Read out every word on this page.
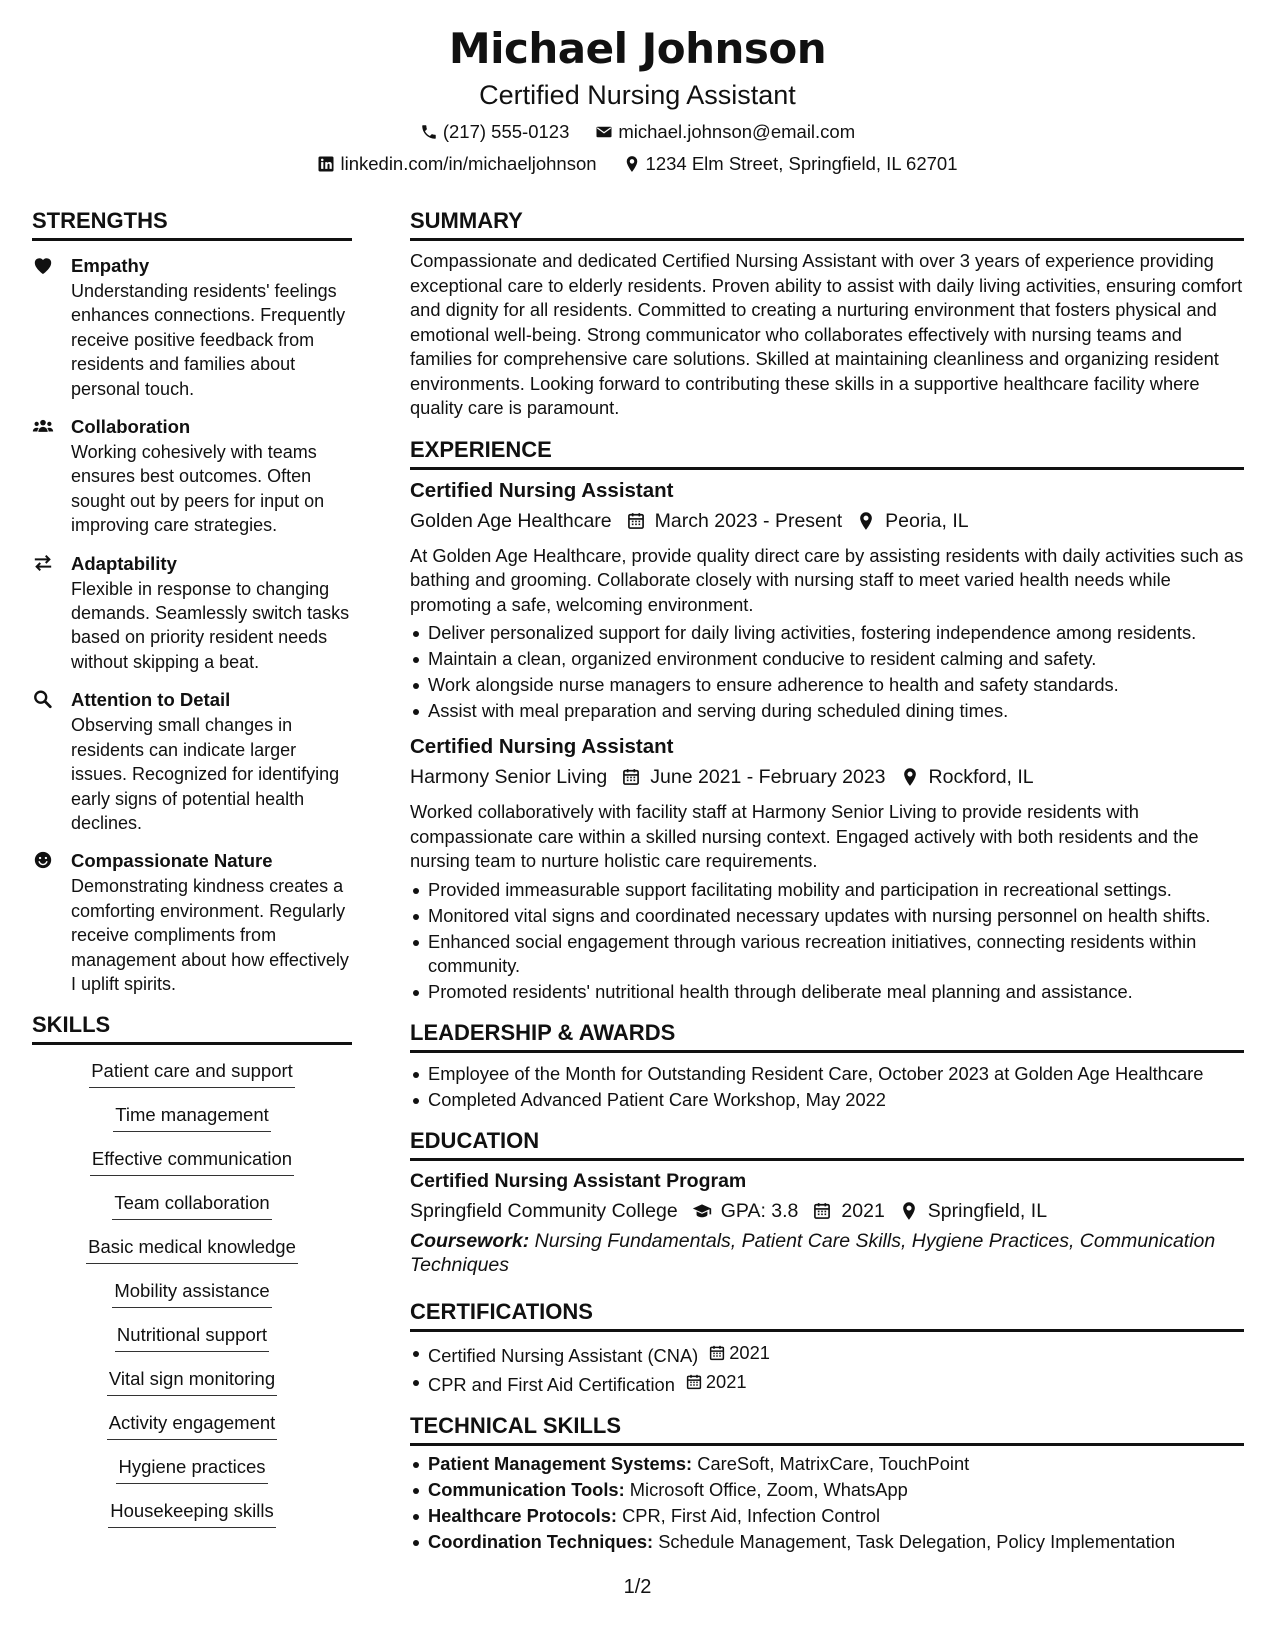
Michael Johnson
Certified Nursing Assistant
(217) 555-0123	michael.johnson@email.com
linkedin.com/in/michaeljohnson	1234 Elm Street, Springfield, IL 62701
STRENGTHS
Empathy
Understanding residents' feelings enhances connections. Frequently receive positive feedback from residents and families about personal touch.
Collaboration
Working cohesively with teams ensures best outcomes. Often sought out by peers for input on improving care strategies.
Adaptability
Flexible in response to changing demands. Seamlessly switch tasks based on priority resident needs without skipping a beat.
Attention to Detail
Observing small changes in residents can indicate larger issues. Recognized for identifying early signs of potential health declines.
Compassionate Nature
Demonstrating kindness creates a comforting environment. Regularly receive compliments from management about how effectively I uplift spirits.
SKILLS
Patient care and support
Time management
Effective communication
Team collaboration
Basic medical knowledge
Mobility assistance
Nutritional support
Vital sign monitoring
Activity engagement
Hygiene practices
Housekeeping skills
SUMMARY
Compassionate and dedicated Certified Nursing Assistant with over 3 years of experience providing exceptional care to elderly residents. Proven ability to assist with daily living activities, ensuring comfort and dignity for all residents. Committed to creating a nurturing environment that fosters physical and emotional well-being. Strong communicator who collaborates effectively with nursing teams and families for comprehensive care solutions. Skilled at maintaining cleanliness and organizing resident environments. Looking forward to contributing these skills in a supportive healthcare facility where quality care is paramount.
EXPERIENCE
Certified Nursing Assistant
Golden Age Healthcare March 2023 - Present Peoria, IL
At Golden Age Healthcare, provide quality direct care by assisting residents with daily activities such as bathing and grooming. Collaborate closely with nursing staff to meet varied health needs while promoting a safe, welcoming environment.
Deliver personalized support for daily living activities, fostering independence among residents.
Maintain a clean, organized environment conducive to resident calming and safety.
Work alongside nurse managers to ensure adherence to health and safety standards.
Assist with meal preparation and serving during scheduled dining times.
Certified Nursing Assistant
Harmony Senior Living June 2021 - February 2023 Rockford, IL
Worked collaboratively with facility staff at Harmony Senior Living to provide residents with compassionate care within a skilled nursing context. Engaged actively with both residents and the nursing team to nurture holistic care requirements.
Provided immeasurable support facilitating mobility and participation in recreational settings.
Monitored vital signs and coordinated necessary updates with nursing personnel on health shifts.
Enhanced social engagement through various recreation initiatives, connecting residents within community.
Promoted residents' nutritional health through deliberate meal planning and assistance.
LEADERSHIP & AWARDS
Employee of the Month for Outstanding Resident Care, October 2023 at Golden Age Healthcare
Completed Advanced Patient Care Workshop, May 2022
EDUCATION
Certified Nursing Assistant Program
Springfield Community College GPA: 3.8 2021 Springfield, IL
Coursework: Nursing Fundamentals, Patient Care Skills, Hygiene Practices, Communication Techniques
CERTIFICATIONS
Certified Nursing Assistant (CNA) 2021
CPR and First Aid Certification 2021
TECHNICAL SKILLS
Patient Management Systems: CareSoft, MatrixCare, TouchPoint
Communication Tools: Microsoft Office, Zoom, WhatsApp
Healthcare Protocols: CPR, First Aid, Infection Control
Coordination Techniques: Schedule Management, Task Delegation, Policy Implementation
1/2
